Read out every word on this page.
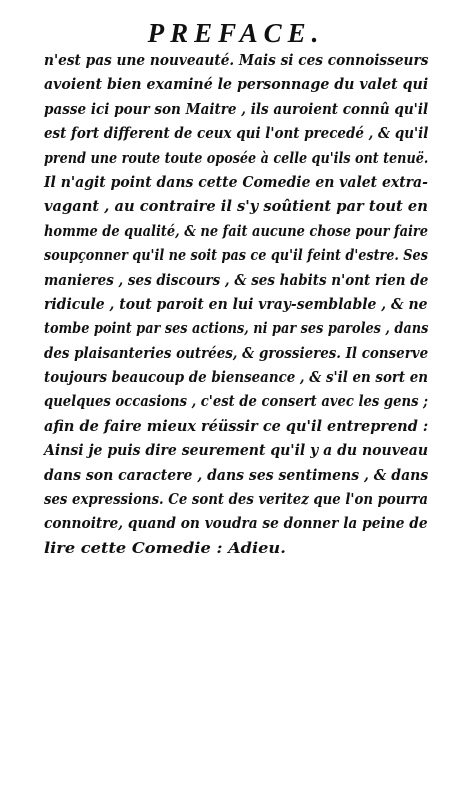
PREFACE.
n'est pas une nouveauté. Mais si ces connoisseurs
avoient bien examiné le personnage du valet qui
passe ici pour son Maitre , ils auroient connû qu'il
est fort different de ceux qui l'ont precedé , & qu'il
prend une route toute oposée à celle qu'ils ont tenuë.
Il n'agit point dans cette Comedie en valet extra-
vagant , au contraire il s'y soûtient par tout en
homme de qualité, & ne fait aucune chose pour faire
soupçonner qu'il ne soit pas ce qu'il feint d'estre. Ses
manieres , ses discours , & ses habits n'ont rien de
ridicule , tout paroit en lui vray-semblable , & ne
tombe point par ses actions, ni par ses paroles , dans
des plaisanteries outrées, & grossieres. Il conserve
toujours beaucoup de bienseance , & s'il en sort en
quelques occasions , c'est de consert avec les gens ;
afin de faire mieux réüssir ce qu'il entreprend :
Ainsi je puis dire seurement qu'il y a du nouveau
dans son caractere , dans ses sentimens , & dans
ses expressions. Ce sont des veritez que l'on pourra
connoitre, quand on voudra se donner la peine de
lire cette Comedie : Adieu.
